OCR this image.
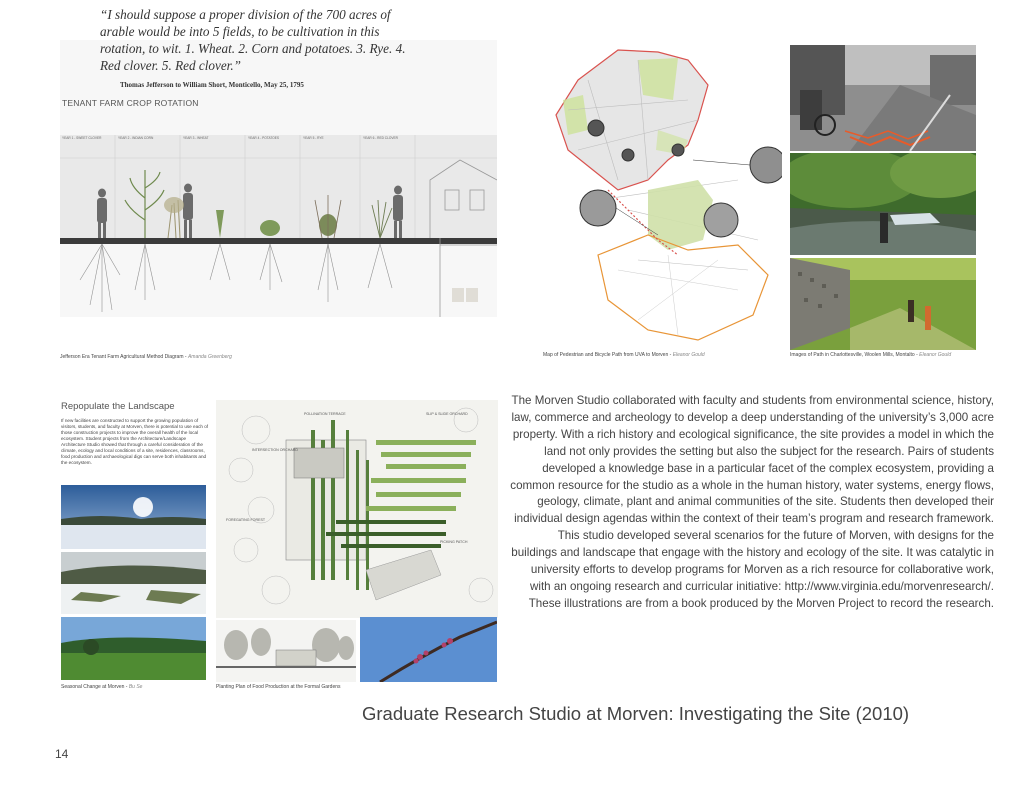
YEAR 1 - SWEET CLOVER	YEAR 2 - INDIAN CORN	YEAR 3 - WHEAT	YEAR 4 - POTATOES	YEAR 5 - RYE	YEAR 6 - RED CLOVER
TENANT FARM CROP ROTATION
“I should suppose a proper division of the 700 acres of arable would be into 5 fields, to be cultivation in this rotation, to wit. 1. Wheat. 2. Corn and potatoes. 3. Rye. 4. Red clover. 5. Red clover.”
Thomas Jefferson to William Short, Monticello, May 25, 1795
Jefferson Era Tenant Farm Agricultural Method Diagram - Amanda Greenberg	Map of Pedestrian and Bicycle Path from UVA to Morven - Eleanor Gould	Images of Path in Charlottesville, Woolen Mills, Montalto - Eleanor Gould
Repopulate the Landscape
If new facilities are constructed to support the growing population of visitors, students, and faculty at Morven, there is potential to use each of those construction projects to improve the overall health of the local ecosystem. Student projects from the Architecture/Landscape Architecture Studio showed that through a careful consideration of the climate, ecology and local conditions of a site, residences, classrooms, food production and archaeological digs can serve both inhabitants and the ecosystem.
Seasonal Change at Morven - Bu Se
POLLINATION TERRACE	SLIP & SLIDE ORCHARD
INTERSECTION ORCHARD
FOREGATING FOREST
PICKING PATCH
Planting Plan of Food Production at the Formal Gardens
The Morven Studio collaborated with faculty and students from environmental science, history, law, commerce and archeology to develop a deep understanding of the university’s 3,000 acre property. With a rich history and ecological significance, the site provides a model in which the land not only provides the setting but also the subject for the research. Pairs of students developed a knowledge base in a particular facet of the complex ecosystem, providing a common resource for the studio as a whole in the human history, water systems, energy flows, geology, climate, plant and animal communities of the site. Students then developed their individual design agendas within the context of their team’s program and research framework. This studio developed several scenarios for the future of Morven, with designs for the buildings and landscape that engage with the history and ecology of the site. It was catalytic in university efforts to develop programs for Morven as a rich resource for collaborative work, with an ongoing research and curricular initiative: http://www.virginia.edu/morvenresearch/. These illustrations are from a book produced by the Morven Project to record the research.
Graduate Research Studio at Morven: Investigating the Site (2010)
14
